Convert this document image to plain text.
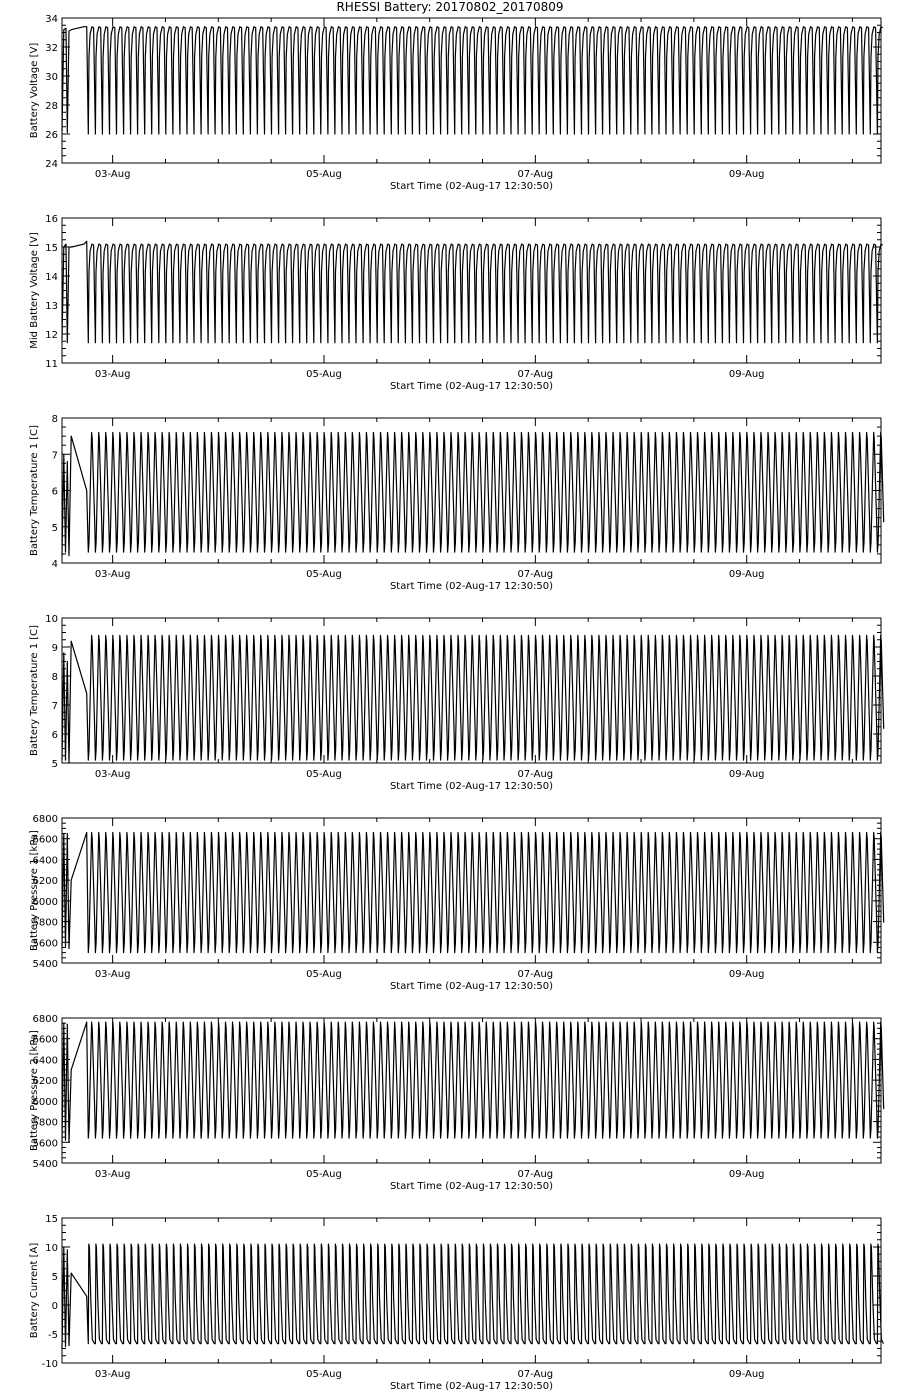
RHESSI Battery: 20170802_20170809
24
26
28
30
32
34
03-Aug	05-Aug	07-Aug	09-Aug
Start Time (02-Aug-17 12:30:50)
Battery Voltage [V]
11
12
13
14
15
16
03-Aug	05-Aug	07-Aug	09-Aug
Start Time (02-Aug-17 12:30:50)
Mid Battery Voltage [V]
4
5
6
7
8
03-Aug	05-Aug	07-Aug	09-Aug
Start Time (02-Aug-17 12:30:50)
Battery Temperature 1 [C]
5
6
7
8
9
10
03-Aug	05-Aug	07-Aug	09-Aug
Start Time (02-Aug-17 12:30:50)
Battery Temperature 1 [C]
5400
5600
5800
6000
6200
6400
6600
6800
03-Aug	05-Aug	07-Aug	09-Aug
Start Time (02-Aug-17 12:30:50)
Battery Pressure 1 [kPa]
5400
5600
5800
6000
6200
6400
6600
6800
03-Aug	05-Aug	07-Aug	09-Aug
Start Time (02-Aug-17 12:30:50)
Battery Pressure 2 [kPa]
-10
-5
0
5
10
15
03-Aug	05-Aug	07-Aug	09-Aug
Start Time (02-Aug-17 12:30:50)
Battery Current [A]
